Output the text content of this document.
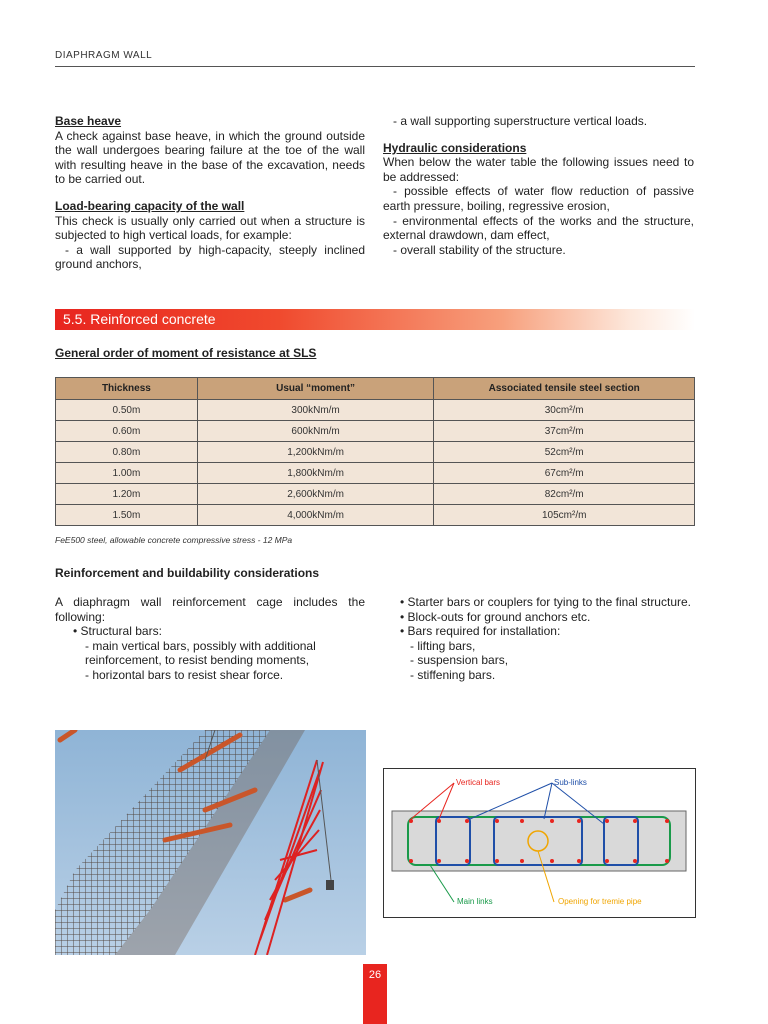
DIAPHRAGM WALL
Base heave
A check against base heave, in which the ground outside the wall undergoes bearing failure at the toe of the wall with resulting heave in the base of the excavation, needs to be carried out.
Load-bearing capacity of the wall
This check is usually only carried out when a structure is subjected to high vertical loads, for example:
- a wall supported by high-capacity, steeply inclined ground anchors,
- a wall supporting superstructure vertical loads.
Hydraulic considerations
When below the water table the following issues need to be addressed:
- possible effects of water flow reduction of passive earth pressure, boiling, regressive erosion,
- environmental effects of the works and the structure, external drawdown, dam effect,
- overall stability of the structure.
5.5. Reinforced concrete
General order of moment of resistance at SLS
Thickness	Usual “moment”	Associated tensile steel section
0.50m	300kNm/m	30cm²/m
0.60m	600kNm/m	37cm²/m
0.80m	1,200kNm/m	52cm²/m
1.00m	1,800kNm/m	67cm²/m
1.20m	2,600kNm/m	82cm²/m
1.50m	4,000kNm/m	105cm²/m
FeE500 steel, allowable concrete compressive stress - 12 MPa
Reinforcement and buildability considerations
A diaphragm wall reinforcement cage includes the following:
• Structural bars:
- main vertical bars, possibly with additional reinforcement, to resist bending moments,
- horizontal bars to resist shear force.
• Starter bars or couplers for tying to the final structure.
• Block-outs for ground anchors etc.
• Bars required for installation:
- lifting bars,
- suspension bars,
- stiffening bars.
Vertical bars	Sub-links
Main links	Opening for tremie pipe
26
